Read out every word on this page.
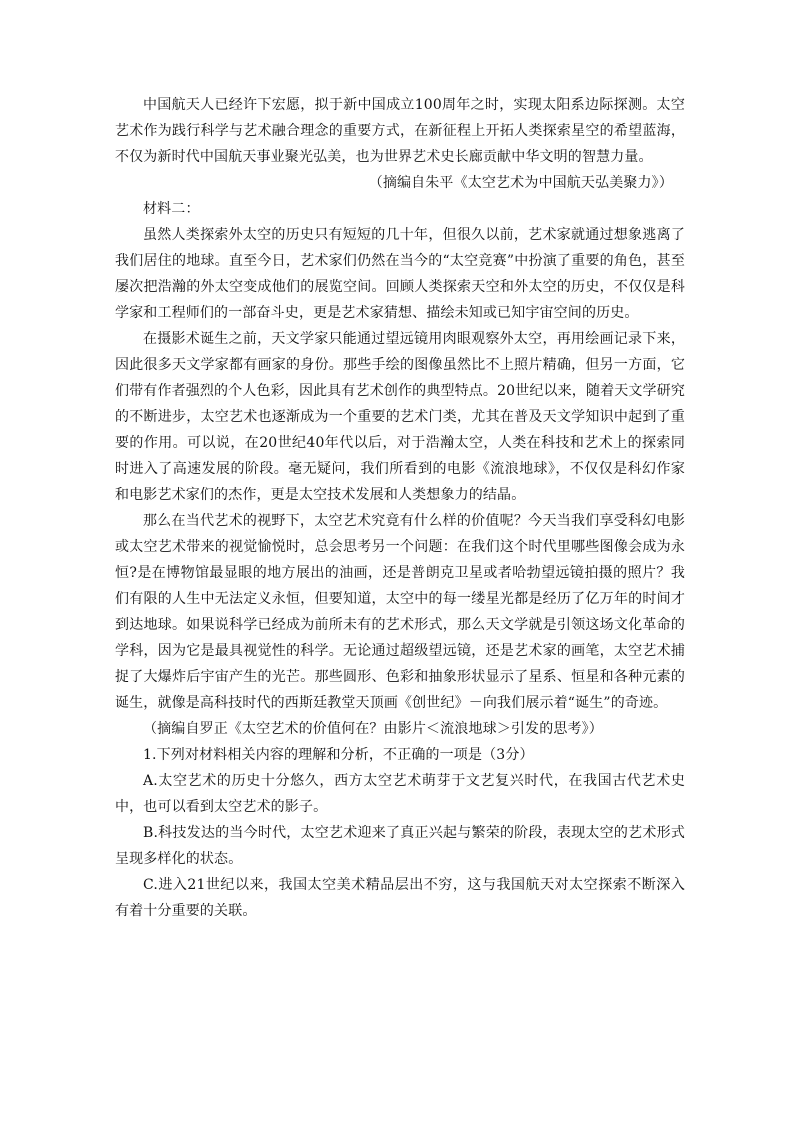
中国航天人已经许下宏愿，拟于新中国成立100周年之时，实现太阳系边际探测。太空艺术作为践行科学与艺术融合理念的重要方式，在新征程上开拓人类探索星空的希望蓝海，不仅为新时代中国航天事业聚光弘美，也为世界艺术史长廊贡献中华文明的智慧力量。

（摘编自朱平《太空艺术为中国航天弘美聚力》）

材料二：

虽然人类探索外太空的历史只有短短的几十年，但很久以前，艺术家就通过想象逃离了我们居住的地球。直至今日，艺术家们仍然在当今的“太空竞赛”中扮演了重要的角色，甚至屡次把浩瀚的外太空变成他们的展览空间。回顾人类探索天空和外太空的历史，不仅仅是科学家和工程师们的一部奋斗史，更是艺术家猜想、描绘未知或已知宇宙空间的历史。

在摄影术诞生之前，天文学家只能通过望远镜用肉眼观察外太空，再用绘画记录下来，因此很多天文学家都有画家的身份。那些手绘的图像虽然比不上照片精确，但另一方面，它们带有作者强烈的个人色彩，因此具有艺术创作的典型特点。20世纪以来，随着天文学研究的不断进步，太空艺术也逐渐成为一个重要的艺术门类，尤其在普及天文学知识中起到了重要的作用。可以说，在20世纪40年代以后，对于浩瀚太空，人类在科技和艺术上的探索同时进入了高速发展的阶段。毫无疑问，我们所看到的电影《流浪地球》，不仅仅是科幻作家和电影艺术家们的杰作，更是太空技术发展和人类想象力的结晶。

那么在当代艺术的视野下，太空艺术究竟有什么样的价值呢？今天当我们享受科幻电影或太空艺术带来的视觉愉悦时，总会思考另一个问题：在我们这个时代里哪些图像会成为永恒?是在博物馆最显眼的地方展出的油画，还是普朗克卫星或者哈勃望远镜拍摄的照片？我们有限的人生中无法定义永恒，但要知道，太空中的每一缕星光都是经历了亿万年的时间才到达地球。如果说科学已经成为前所未有的艺术形式，那么天文学就是引领这场文化革命的学科，因为它是最具视觉性的科学。无论通过超级望远镜，还是艺术家的画笔，太空艺术捕捉了大爆炸后宇宙产生的光芒。那些圆形、色彩和抽象形状显示了星系、恒星和各种元素的诞生，就像是高科技时代的西斯廷教堂天顶画《创世纪》－向我们展示着“诞生”的奇迹。

（摘编自罗正《太空艺术的价值何在？由影片＜流浪地球＞引发的思考》）

1.下列对材料相关内容的理解和分析，不正确的一项是（3分）

A.太空艺术的历史十分悠久，西方太空艺术萌芽于文艺复兴时代，在我国古代艺术史中，也可以看到太空艺术的影子。

B.科技发达的当今时代，太空艺术迎来了真正兴起与繁荣的阶段，表现太空的艺术形式呈现多样化的状态。

C.进入21世纪以来，我国太空美术精品层出不穷，这与我国航天对太空探索不断深入有着十分重要的关联。
